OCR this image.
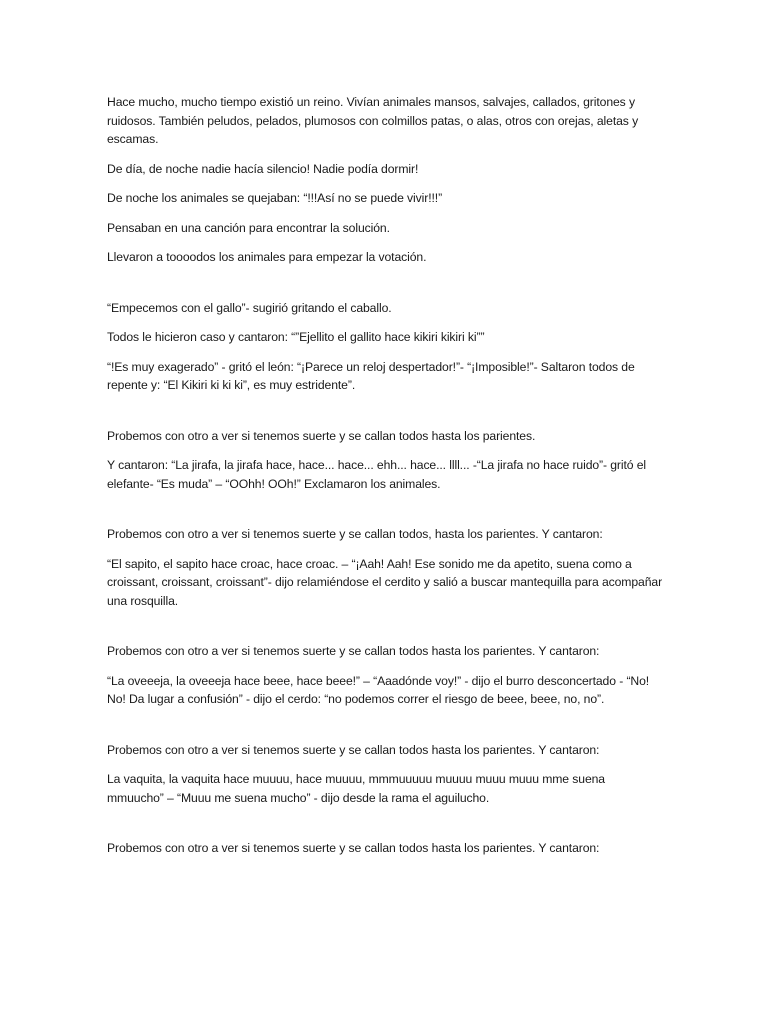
Hace mucho, mucho tiempo existió un reino. Vivían animales mansos, salvajes, callados, gritones y ruidosos. También peludos, pelados, plumosos con colmillos patas, o alas, otros con orejas, aletas y escamas.

De día, de noche nadie hacía silencio! Nadie podía dormir!

De noche los animales se quejaban: “!!!Así no se puede vivir!!!”

Pensaban en una canción para encontrar la solución.

Llevaron a toooodos los animales para empezar la votación.

“Empecemos con el gallo”- sugirió gritando el caballo.

Todos le hicieron caso y cantaron: “”Ejellito el gallito hace kikiri kikiri ki””

“!Es muy exagerado” - gritó el león: “¡Parece un reloj despertador!”- “¡Imposible!”- Saltaron todos de repente y: “El Kikiri ki ki ki”, es muy estridente”.

Probemos con otro a ver si tenemos suerte y se callan todos hasta los parientes.

Y cantaron: “La jirafa, la jirafa hace, hace... hace... ehh... hace... llll... -“La jirafa no hace ruido”- gritó el elefante- “Es muda” – “OOhh! OOh!” Exclamaron los animales.

Probemos con otro a ver si tenemos suerte y se callan todos, hasta los parientes. Y cantaron:

“El sapito, el sapito hace croac, hace croac. – “¡Aah! Aah! Ese sonido me da apetito, suena como a croissant, croissant, croissant”- dijo relamiéndose el cerdito y salió a buscar mantequilla para acompañar una rosquilla.

Probemos con otro a ver si tenemos suerte y se callan todos hasta los parientes. Y cantaron:

“La oveeeja, la oveeeja hace beee, hace beee!” – “Aaadónde voy!” - dijo el burro desconcertado - “No! No! Da lugar a confusión” - dijo el cerdo: “no podemos correr el riesgo de beee, beee, no, no”.

Probemos con otro a ver si tenemos suerte y se callan todos hasta los parientes. Y cantaron:

La vaquita, la vaquita hace muuuu, hace muuuu, mmmuuuuu muuuu muuu muuu mme suena mmuucho” – “Muuu me suena mucho” - dijo desde la rama el aguilucho.

Probemos con otro a ver si tenemos suerte y se callan todos hasta los parientes. Y cantaron:
